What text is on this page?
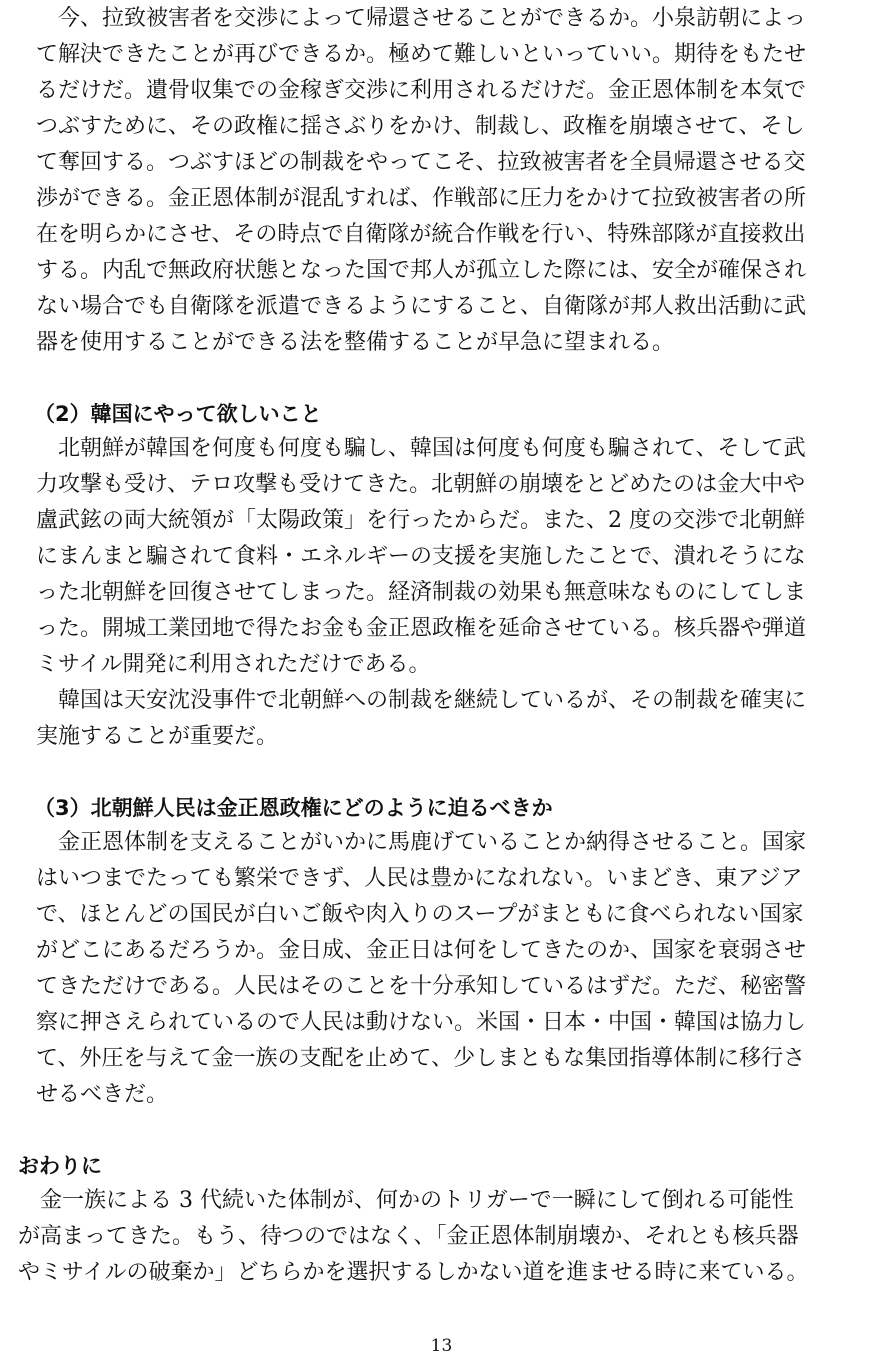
　今、拉致被害者を交渉によって帰還させることができるか。小泉訪朝によっ
て解決できたことが再びできるか。極めて難しいといっていい。期待をもたせ
るだけだ。遺骨収集での金稼ぎ交渉に利用されるだけだ。金正恩体制を本気で
つぶすために、その政権に揺さぶりをかけ、制裁し、政権を崩壊させて、そし
て奪回する。つぶすほどの制裁をやってこそ、拉致被害者を全員帰還させる交
渉ができる。金正恩体制が混乱すれば、作戦部に圧力をかけて拉致被害者の所
在を明らかにさせ、その時点で自衛隊が統合作戦を行い、特殊部隊が直接救出
する。内乱で無政府状態となった国で邦人が孤立した際には、安全が確保され
ない場合でも自衛隊を派遣できるようにすること、自衛隊が邦人救出活動に武
器を使用することができる法を整備することが早急に望まれる。
（2）韓国にやって欲しいこと
　北朝鮮が韓国を何度も何度も騙し、韓国は何度も何度も騙されて、そして武
力攻撃も受け、テロ攻撃も受けてきた。北朝鮮の崩壊をとどめたのは金大中や
盧武鉉の両大統領が「太陽政策」を行ったからだ。また、2 度の交渉で北朝鮮
にまんまと騙されて食料・エネルギーの支援を実施したことで、潰れそうにな
った北朝鮮を回復させてしまった。経済制裁の効果も無意味なものにしてしま
った。開城工業団地で得たお金も金正恩政権を延命させている。核兵器や弾道
ミサイル開発に利用されただけである。
　韓国は天安沈没事件で北朝鮮への制裁を継続しているが、その制裁を確実に
実施することが重要だ。
（3）北朝鮮人民は金正恩政権にどのように迫るべきか
　金正恩体制を支えることがいかに馬鹿げていることか納得させること。国家
はいつまでたっても繁栄できず、人民は豊かになれない。いまどき、東アジア
で、ほとんどの国民が白いご飯や肉入りのスープがまともに食べられない国家
がどこにあるだろうか。金日成、金正日は何をしてきたのか、国家を衰弱させ
てきただけである。人民はそのことを十分承知しているはずだ。ただ、秘密警
察に押さえられているので人民は動けない。米国・日本・中国・韓国は協力し
て、外圧を与えて金一族の支配を止めて、少しまともな集団指導体制に移行さ
せるべきだ。
おわりに
　金一族による 3 代続いた体制が、何かのトリガーで一瞬にして倒れる可能性
が高まってきた。もう、待つのではなく、「金正恩体制崩壊か、それとも核兵器
やミサイルの破棄か」どちらかを選択するしかない道を進ませる時に来ている。
13
